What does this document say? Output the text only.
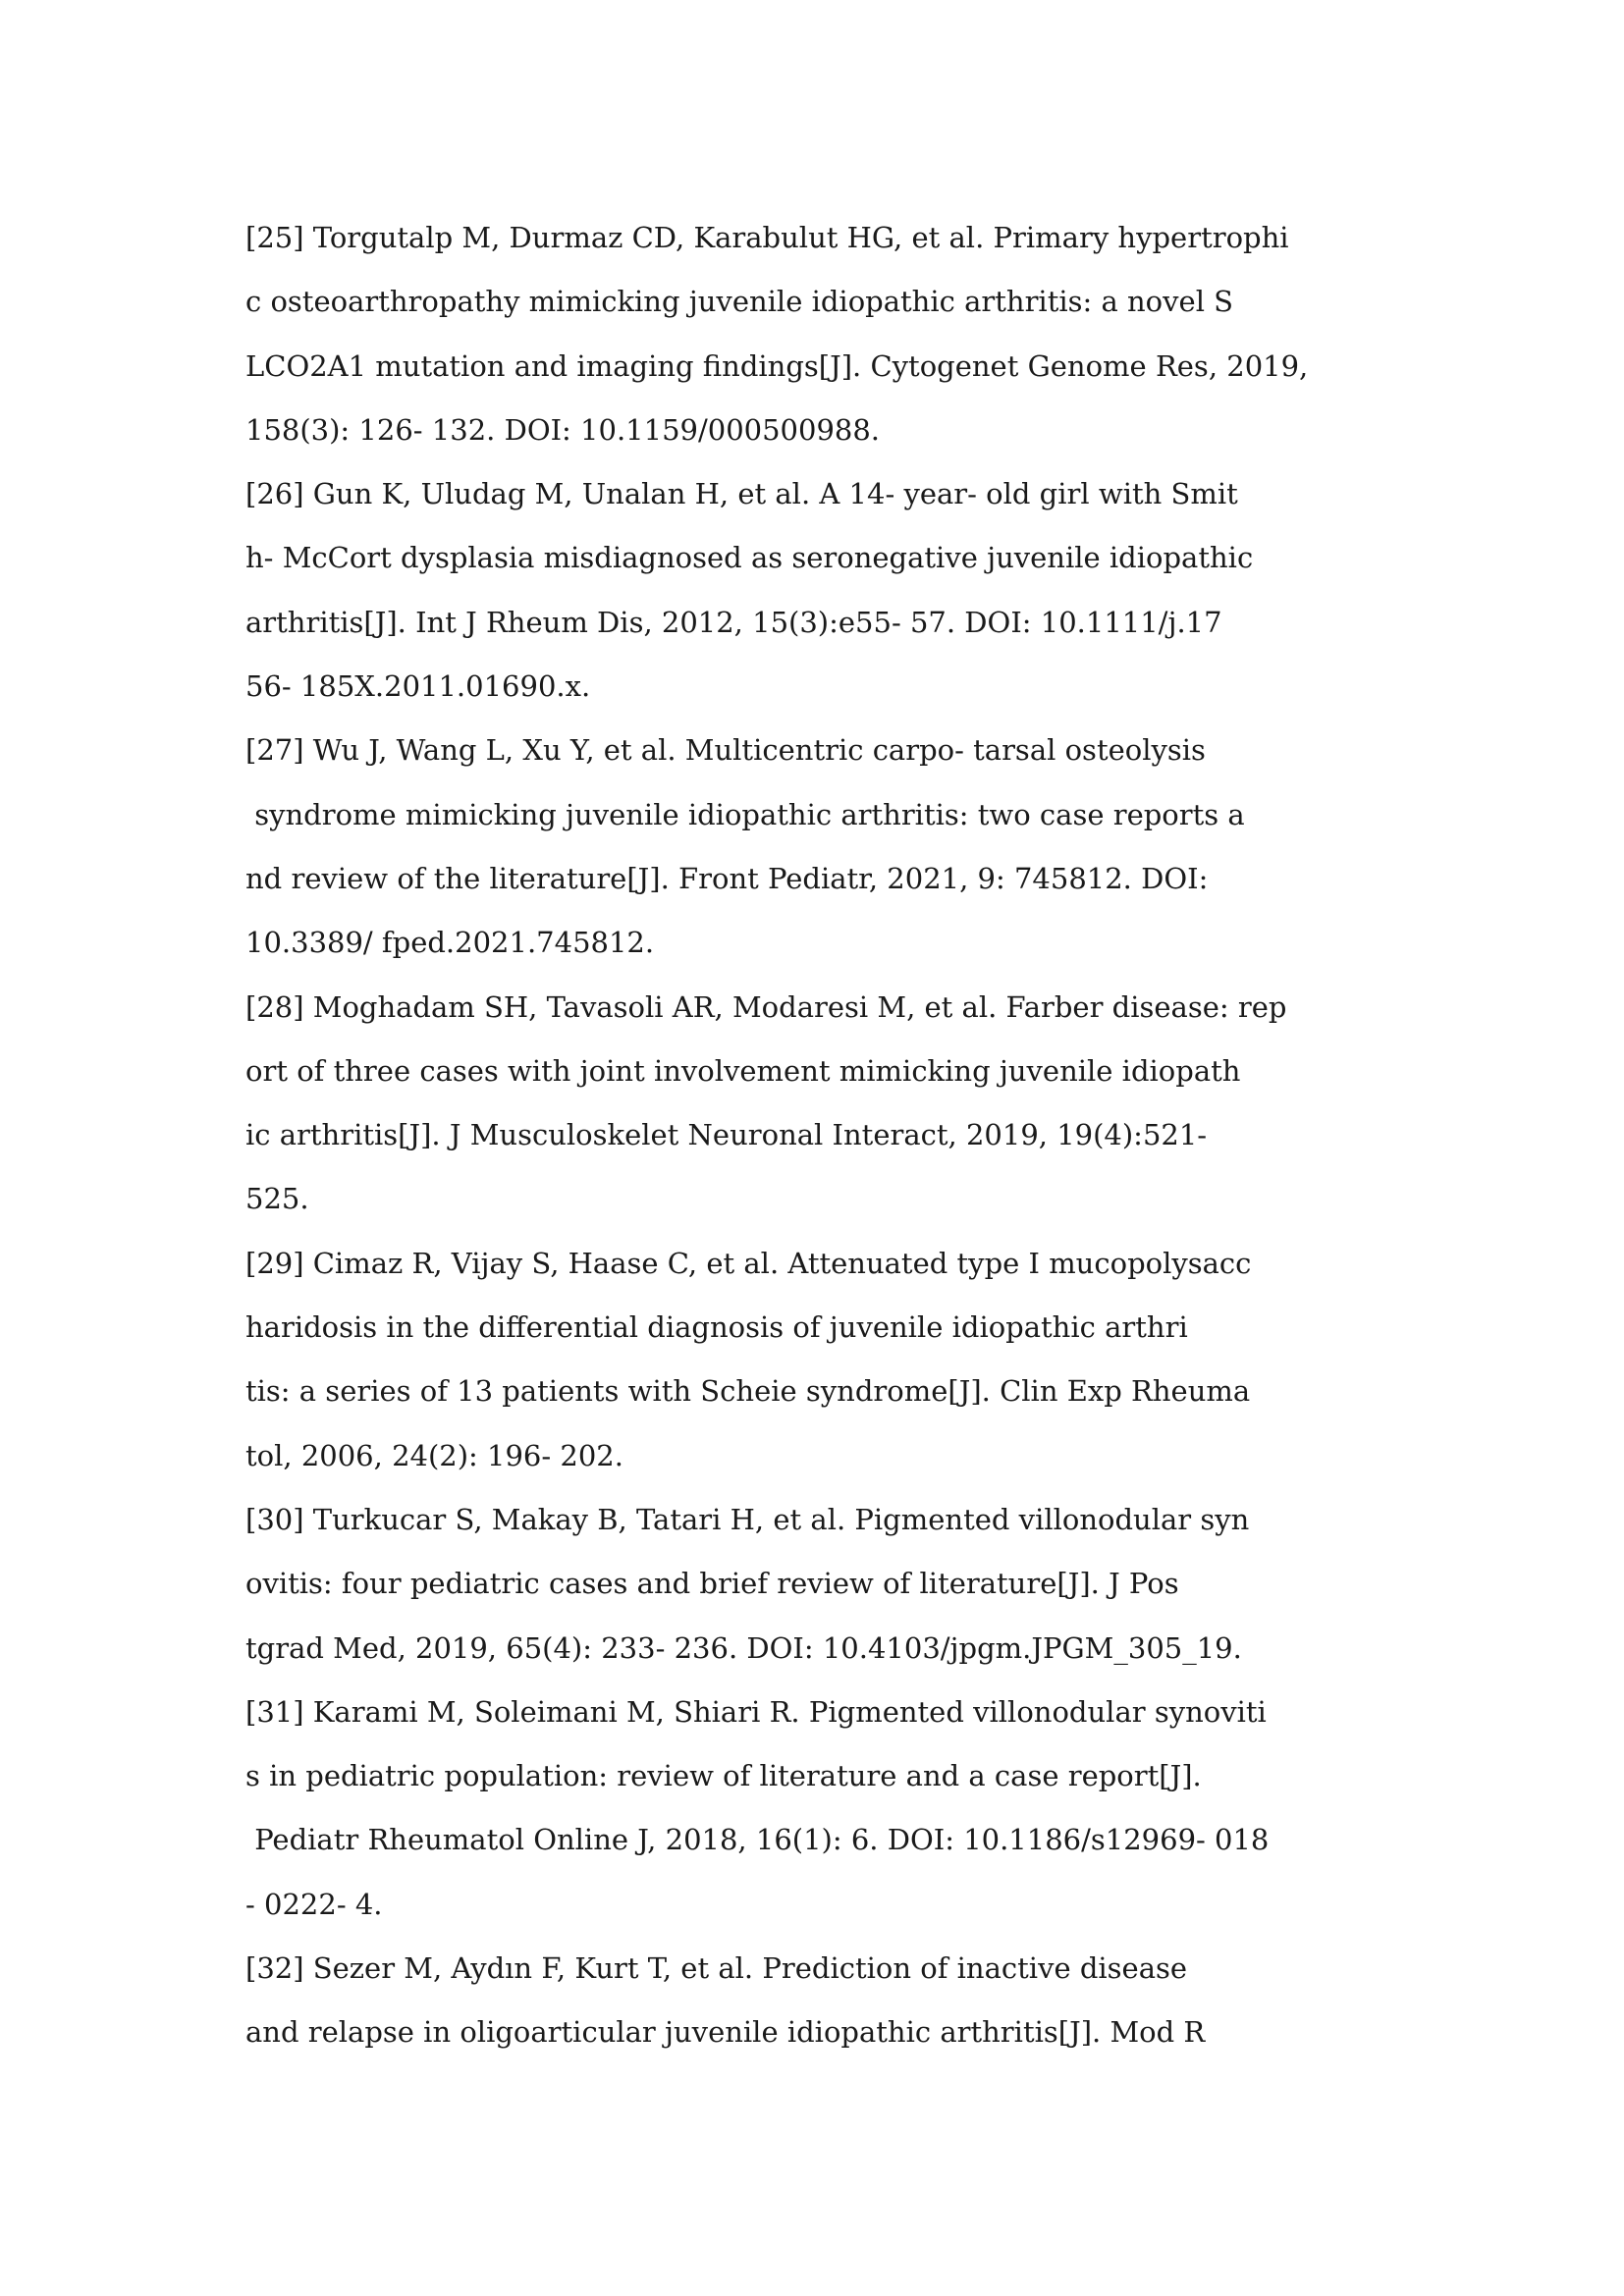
[25] Torgutalp M, Durmaz CD, Karabulut HG, et al. Primary hypertrophi
c osteoarthropathy mimicking juvenile idiopathic arthritis: a novel S
LCO2A1 mutation and imaging findings[J]. Cytogenet Genome Res, 2019,
158(3): 126- 132. DOI: 10.1159/000500988.
[26] Gun K, Uludag M, Unalan H, et al. A 14- year- old girl with Smit
h- McCort dysplasia misdiagnosed as seronegative juvenile idiopathic
arthritis[J]. Int J Rheum Dis, 2012, 15(3):e55- 57. DOI: 10.1111/j.17
56- 185X.2011.01690.x.
[27] Wu J, Wang L, Xu Y, et al. Multicentric carpo- tarsal osteolysis
syndrome mimicking juvenile idiopathic arthritis: two case reports a
nd review of the literature[J]. Front Pediatr, 2021, 9: 745812. DOI:
10.3389/ fped.2021.745812.
[28] Moghadam SH, Tavasoli AR, Modaresi M, et al. Farber disease: rep
ort of three cases with joint involvement mimicking juvenile idiopath
ic arthritis[J]. J Musculoskelet Neuronal Interact, 2019, 19(4):521-
525.
[29] Cimaz R, Vijay S, Haase C, et al. Attenuated type I mucopolysacc
haridosis in the differential diagnosis of juvenile idiopathic arthri
tis: a series of 13 patients with Scheie syndrome[J]. Clin Exp Rheuma
tol, 2006, 24(2): 196- 202.
[30] Turkucar S, Makay B, Tatari H, et al. Pigmented villonodular syn
ovitis: four pediatric cases and brief review of literature[J]. J Pos
tgrad Med, 2019, 65(4): 233- 236. DOI: 10.4103/jpgm.JPGM_305_19.
[31] Karami M, Soleimani M, Shiari R. Pigmented villonodular synoviti
s in pediatric population: review of literature and a case report[J].
Pediatr Rheumatol Online J, 2018, 16(1): 6. DOI: 10.1186/s12969- 018
- 0222- 4.
[32] Sezer M, Aydın F, Kurt T, et al. Prediction of inactive disease
and relapse in oligoarticular juvenile idiopathic arthritis[J]. Mod R
